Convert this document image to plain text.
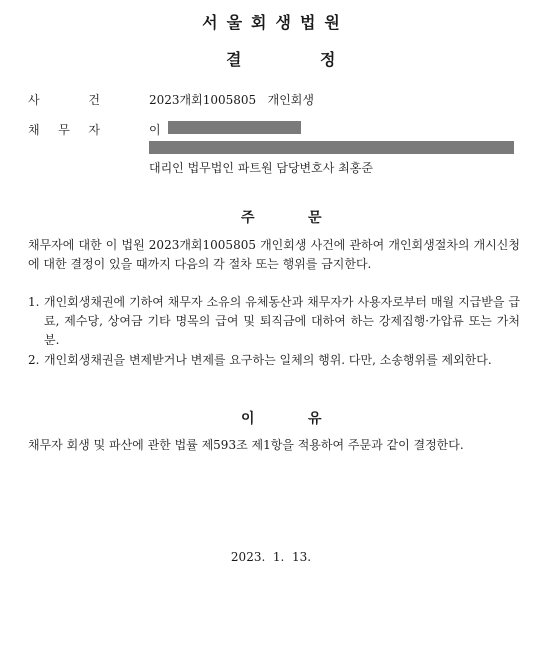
서울회생법원
결	정
사	건	2023개회1005805   개인회생
채 무 자	이
대리인 법무법인 파트원 담당변호사 최홍준
주	문
채무자에 대한 이 법원 2023개회1005805 개인회생 사건에 관하여 개인회생절차의 개시신청에 대한 결정이 있을 때까지 다음의 각 절차 또는 행위를 금지한다.
1. 개인회생채권에 기하여 채무자 소유의 유체동산과 채무자가 사용자로부터 매월 지급받을 급료, 제수당, 상여금 기타 명목의 급여 및 퇴직금에 대하여 하는 강제집행·가압류 또는 가처분.
2. 개인회생채권을 변제받거나 변제를 요구하는 일체의 행위. 다만, 소송행위를 제외한다.
이	유
채무자 회생 및 파산에 관한 법률 제593조 제1항을 적용하여 주문과 같이 결정한다.
2023.  1.  13.
